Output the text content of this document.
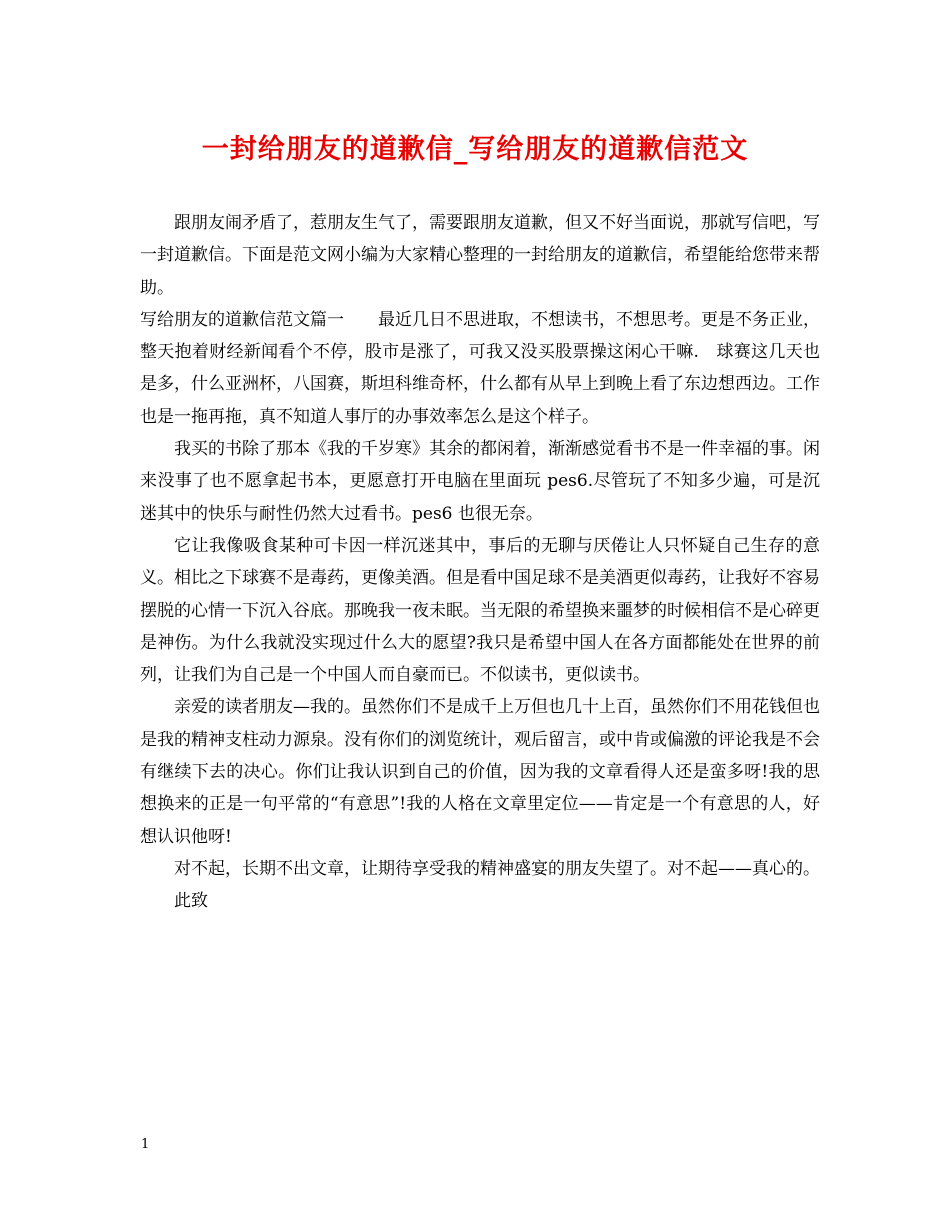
一封给朋友的道歉信_写给朋友的道歉信范文

跟朋友闹矛盾了，惹朋友生气了，需要跟朋友道歉，但又不好当面说，那就写信吧，写一封道歉信。下面是范文网小编为大家精心整理的一封给朋友的道歉信，希望能给您带来帮助。

写给朋友的道歉信范文篇一　　最近几日不思进取，不想读书，不想思考。更是不务正业，整天抱着财经新闻看个不停，股市是涨了，可我又没买股票操这闲心干嘛.　球赛这几天也是多，什么亚洲杯，八国赛，斯坦科维奇杯，什么都有从早上到晚上看了东边想西边。工作也是一拖再拖，真不知道人事厅的办事效率怎么是这个样子。

我买的书除了那本《我的千岁寒》其余的都闲着，渐渐感觉看书不是一件幸福的事。闲来没事了也不愿拿起书本，更愿意打开电脑在里面玩 pes6.尽管玩了不知多少遍，可是沉迷其中的快乐与耐性仍然大过看书。pes6 也很无奈。

它让我像吸食某种可卡因一样沉迷其中，事后的无聊与厌倦让人只怀疑自己生存的意义。相比之下球赛不是毒药，更像美酒。但是看中国足球不是美酒更似毒药，让我好不容易摆脱的心情一下沉入谷底。那晚我一夜未眠。当无限的希望换来噩梦的时候相信不是心碎更是神伤。为什么我就没实现过什么大的愿望?我只是希望中国人在各方面都能处在世界的前列，让我们为自己是一个中国人而自豪而已。不似读书，更似读书。

亲爱的读者朋友—我的。虽然你们不是成千上万但也几十上百，虽然你们不用花钱但也是我的精神支柱动力源泉。没有你们的浏览统计，观后留言，或中肯或偏激的评论我是不会有继续下去的决心。你们让我认识到自己的价值，因为我的文章看得人还是蛮多呀!我的思想换来的正是一句平常的“有意思”!我的人格在文章里定位——肯定是一个有意思的人，好想认识他呀!

对不起，长期不出文章，让期待享受我的精神盛宴的朋友失望了。对不起——真心的。

此致

1
